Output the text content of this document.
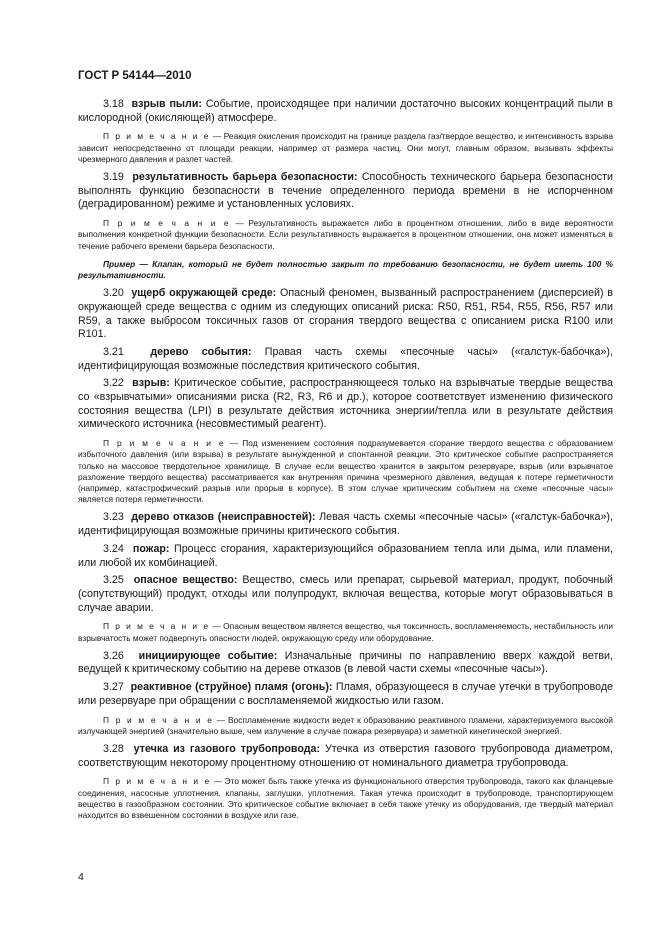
ГОСТ Р 54144—2010

3.18 взрыв пыли: Событие, происходящее при наличии достаточно высоких концентраций пыли в кислородной (окисляющей) атмосфере.

П р и м е ч а н и е — Реакция окисления происходит на границе раздела газ/твердое вещество, и интенсивность взрыва зависит непосредственно от площади реакции, например от размера частиц. Они могут, главным образом, вызывать эффекты чрезмерного давления и разлет частей.

3.19 результативность барьера безопасности: Способность технического барьера безопасности выполнять функцию безопасности в течение определенного периода времени в не испорченном (деградированном) режиме и установленных условиях.

П р и м е ч а н и е — Результативность выражается либо в процентном отношении, либо в виде вероятности выполнения конкретной функции безопасности. Если результативность выражается в процентном отношении, она может изменяться в течение рабочего времени барьера безопасности.

Пример — Клапан, который не будет полностью закрыт по требованию безопасности, не будет иметь 100 % результативности.

3.20 ущерб окружающей среде: Опасный феномен, вызванный распространением (дисперсией) в окружающей среде вещества с одним из следующих описаний риска: R50, R51, R54, R55, R56, R57 или R59, а также выбросом токсичных газов от сгорания твердого вещества с описанием риска R100 или R101.

3.21 дерево события: Правая часть схемы «песочные часы» («галстук-бабочка»), идентифицирующая возможные последствия критического события.

3.22 взрыв: Критическое событие, распространяющееся только на взрывчатые твердые вещества со «взрывчатыми» описаниями риска (R2, R3, R6 и др.), которое соответствует изменению физического состояния вещества (LPI) в результате действия источника энергии/тепла или в результате действия химического источника (несовместимый реагент).

П р и м е ч а н и е — Под изменением состояния подразумевается сгорание твердого вещества с образованием избыточного давления (или взрыва) в результате вынужденной и спонтанной реакции. Это критическое событие распространяется только на массовое твердотельное хранилище. В случае если вещество хранится в закрытом резервуаре, взрыв (или взрывчатое разложение твердого вещества) рассматривается как внутренняя причина чрезмерного давления, ведущая к потере герметичности (например, катастрофический разрыв или прорыв в корпусе). В этом случае критическим событием на схеме «песочные часы» является потеря герметичности.

3.23 дерево отказов (неисправностей): Левая часть схемы «песочные часы» («галстук-бабочка»), идентифицирующая возможные причины критического события.

3.24 пожар: Процесс сгорания, характеризующийся образованием тепла или дыма, или пламени, или любой их комбинацией.

3.25 опасное вещество: Вещество, смесь или препарат, сырьевой материал, продукт, побочный (сопутствующий) продукт, отходы или полупродукт, включая вещества, которые могут образовываться в случае аварии.

П р и м е ч а н и е — Опасным веществом является вещество, чья токсичность, воспламеняемость, нестабильность или взрывчатость может подвергнуть опасности людей, окружающую среду или оборудование.

3.26 инициирующее событие: Изначальные причины по направлению вверх каждой ветви, ведущей к критическому событию на дереве отказов (в левой части схемы «песочные часы»).

3.27 реактивное (струйное) пламя (огонь): Пламя, образующееся в случае утечки в трубопроводе или резервуаре при обращении с воспламеняемой жидкостью или газом.

П р и м е ч а н и е — Воспламенение жидкости ведет к образованию реактивного пламени, характеризуемого высокой излучающей энергией (значительно выше, чем излучение в случае пожара резервуара) и заметной кинетической энергией.

3.28 утечка из газового трубопровода: Утечка из отверстия газового трубопровода диаметром, соответствующим некоторому процентному отношению от номинального диаметра трубопровода.

П р и м е ч а н и е — Это может быть также утечка из функционального отверстия трубопровода, такого как фланцевые соединения, насосные уплотнения, клапаны, заглушки, уплотнения. Такая утечка происходит в трубопроводе, транспортирующем вещество в газообразном состоянии. Это критическое событие включает в себя также утечку из оборудования, где твердый материал находится во взвешенном состоянии в воздухе или газе.

4
